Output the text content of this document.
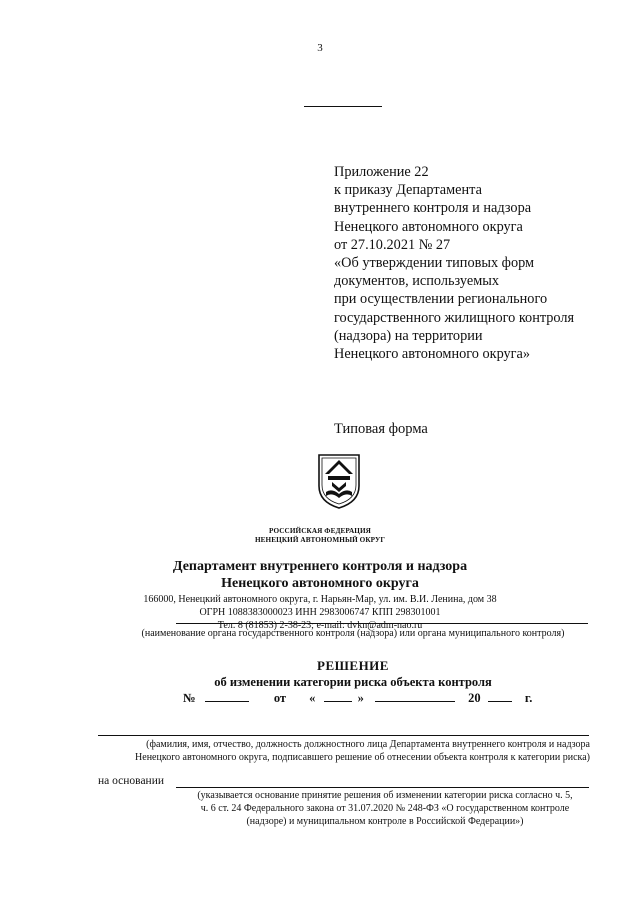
3
Приложение 22
к приказу Департамента
внутреннего контроля и надзора
Ненецкого автономного округа
от 27.10.2021 № 27
«Об утверждении типовых форм
документов, используемых
при осуществлении регионального
государственного жилищного контроля
(надзора) на территории
Ненецкого автономного округа»
Типовая форма
РОССИЙСКАЯ ФЕДЕРАЦИЯ
НЕНЕЦКИЙ АВТОНОМНЫЙ ОКРУГ
Департамент внутреннего контроля и надзора
Ненецкого автономного округа
166000, Ненецкий автономного округа, г. Нарьян-Мар, ул. им. В.И. Ленина, дом 38
ОГРН 1088383000023 ИНН 2983006747 КПП 298301001
Тел. 8 (81853) 2-38-23; e-mail: dvkn@adm-nao.ru
(наименование органа государственного контроля (надзора) или органа муниципального контроля)
РЕШЕНИЕ
об изменении категории риска объекта контроля
№	от «	»	20	г.
(фамилия, имя, отчество, должность должностного лица Департамента внутреннего контроля и надзора
Ненецкого автономного округа, подписавшего решение об отнесении объекта контроля к категории риска)
на основании
(указывается основание принятие решения об изменении категории риска согласно ч. 5,
ч. 6 ст. 24 Федерального закона от 31.07.2020 № 248-ФЗ «О государственном контроле
(надзоре) и муниципальном контроле в Российской Федерации»)
